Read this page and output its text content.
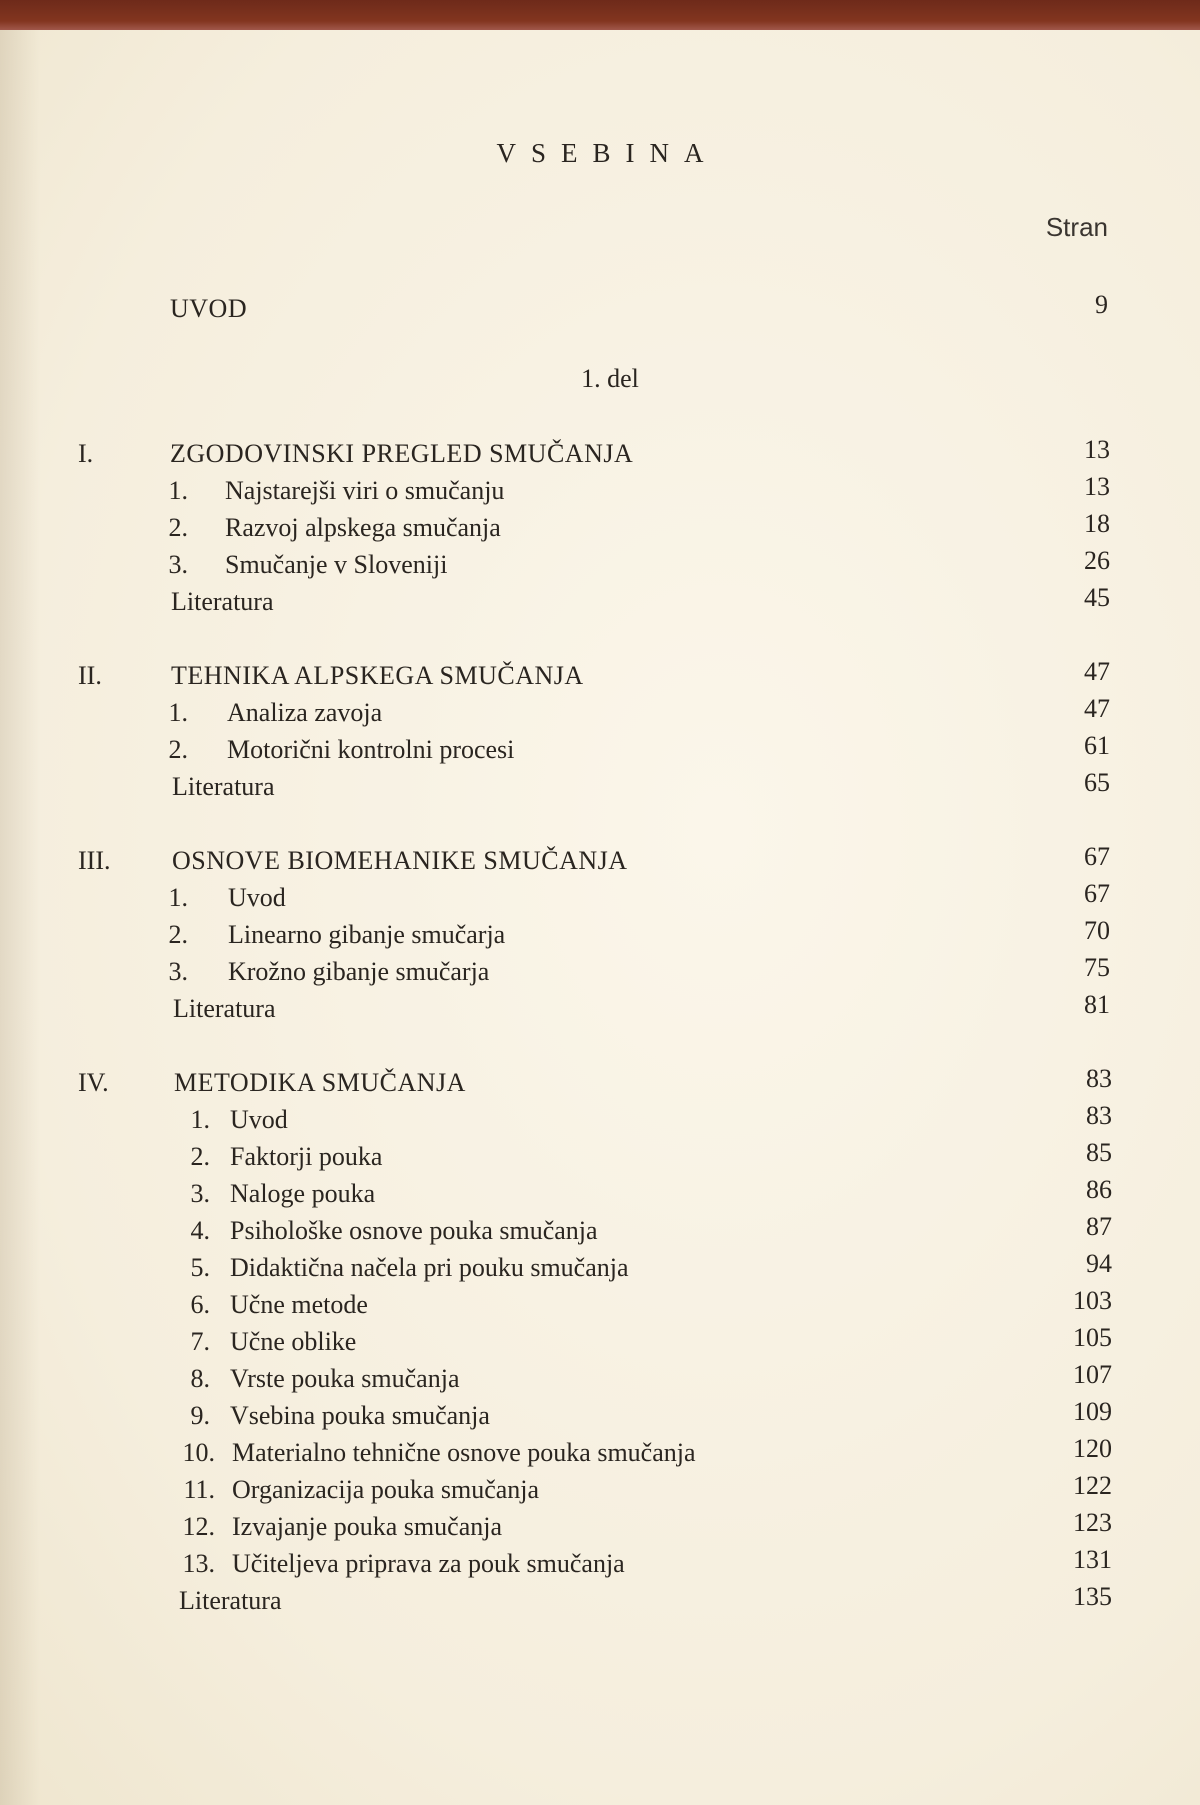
VSEBINA
Stran
UVOD	9
1. del
I.	ZGODOVINSKI PREGLED SMUČANJA	13
1. Najstarejši viri o smučanju	13
2. Razvoj alpskega smučanja	18
3. Smučanje v Sloveniji	26
Literatura	45
II.	TEHNIKA ALPSKEGA SMUČANJA	47
1. Analiza zavoja	47
2. Motorični kontrolni procesi	61
Literatura	65
III. OSNOVE BIOMEHANIKE SMUČANJA	67
1. Uvod	67
2. Linearno gibanje smučarja	70
3. Krožno gibanje smučarja	75
Literatura	81
IV.	METODIKA SMUČANJA	83
1. Uvod	83
2. Faktorji pouka	85
3. Naloge pouka	86
4. Psihološke osnove pouka smučanja	87
5. Didaktična načela pri pouku smučanja	94
6. Učne metode	103
7. Učne oblike	105
8. Vrste pouka smučanja	107
9. Vsebina pouka smučanja	109
10. Materialno tehnične osnove pouka smučanja	120
11. Organizacija pouka smučanja	122
12. Izvajanje pouka smučanja	123
13. Učiteljeva priprava za pouk smučanja	131
Literatura	135
